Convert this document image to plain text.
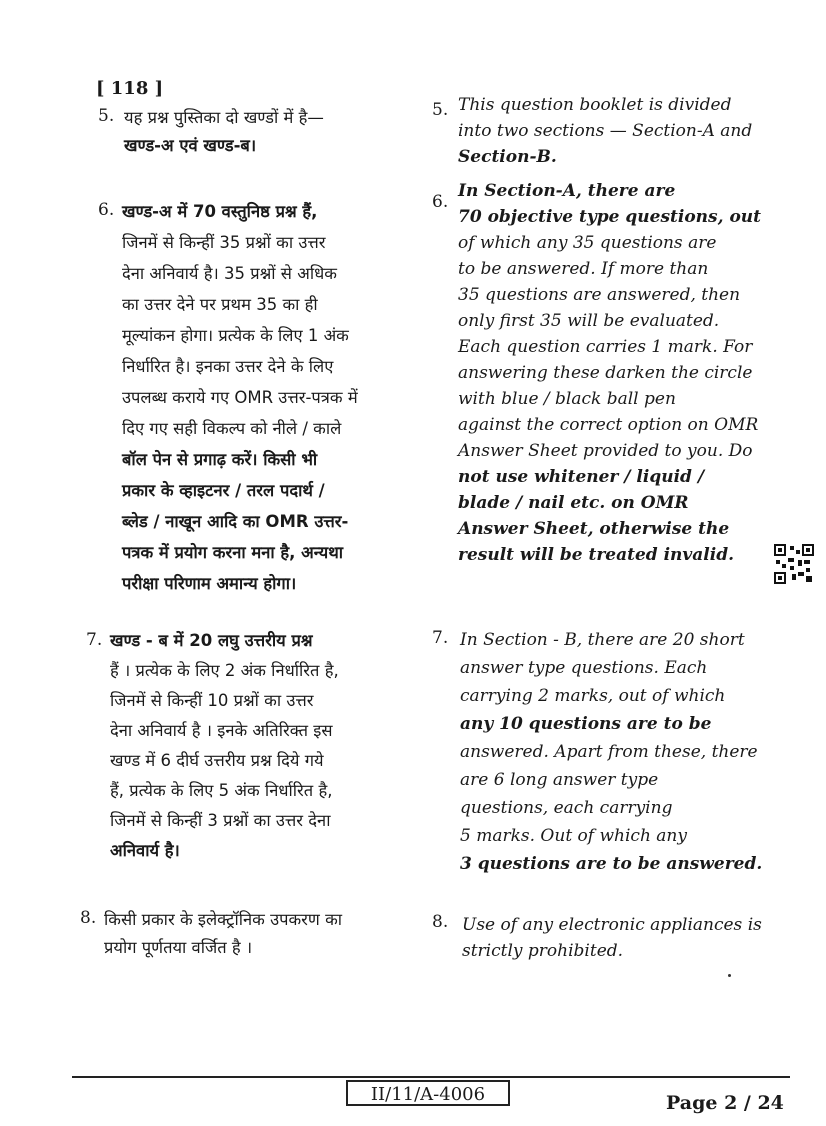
[ 118 ]
5. यह प्रश्न पुस्तिका दो खण्डों में है—
खण्ड-अ एवं खण्ड-ब।
5. This question booklet is divided
into two sections — Section-A and
Section-B.
6. खण्ड-अ में 70 वस्तुनिष्ठ प्रश्न हैं,
जिनमें से किन्हीं 35 प्रश्नों का उत्तर
देना अनिवार्य है। 35 प्रश्नों से अधिक
का उत्तर देने पर प्रथम 35 का ही
मूल्यांकन होगा। प्रत्येक के लिए 1 अंक
निर्धारित है। इनका उत्तर देने के लिए
उपलब्ध कराये गए OMR उत्तर-पत्रक में
दिए गए सही विकल्प को नीले / काले
बॉल पेन से प्रगाढ़ करें। किसी भी
प्रकार के व्हाइटनर / तरल पदार्थ /
ब्लेड / नाखून आदि का OMR उत्तर-
पत्रक में प्रयोग करना मना है, अन्यथा
परीक्षा परिणाम अमान्य होगा।
6.
In Section-A, there are
70 objective type questions, out
of which any 35 questions are
to be answered. If more than
35 questions are answered, then
only first 35 will be evaluated.
Each question carries 1 mark. For
answering these darken the circle
with blue / black ball pen
against the correct option on OMR
Answer Sheet provided to you. Do
not use whitener / liquid /
blade / nail etc. on OMR
Answer Sheet, otherwise the
result will be treated invalid.
7. खण्ड - ब में 20 लघु उत्तरीय प्रश्न
हैं । प्रत्येक के लिए 2 अंक निर्धारित है,
जिनमें से किन्हीं 10 प्रश्नों का उत्तर
देना अनिवार्य है । इनके अतिरिक्त इस
खण्ड में 6 दीर्घ उत्तरीय प्रश्न दिये गये
हैं, प्रत्येक के लिए 5 अंक निर्धारित है,
जिनमें से किन्हीं 3 प्रश्नों का उत्तर देना
अनिवार्य है।
7. In Section - B, there are 20 short
answer type questions. Each
carrying 2 marks, out of which
any 10 questions are to be
answered. Apart from these, there
are 6 long answer type
questions, each carrying
5 marks. Out of which any
3 questions are to be answered.
8. किसी प्रकार के इलेक्ट्रॉनिक उपकरण का
प्रयोग पूर्णतया वर्जित है ।
8. Use of any electronic appliances is
strictly prohibited.
II/11/A-4006	Page 2 / 24
